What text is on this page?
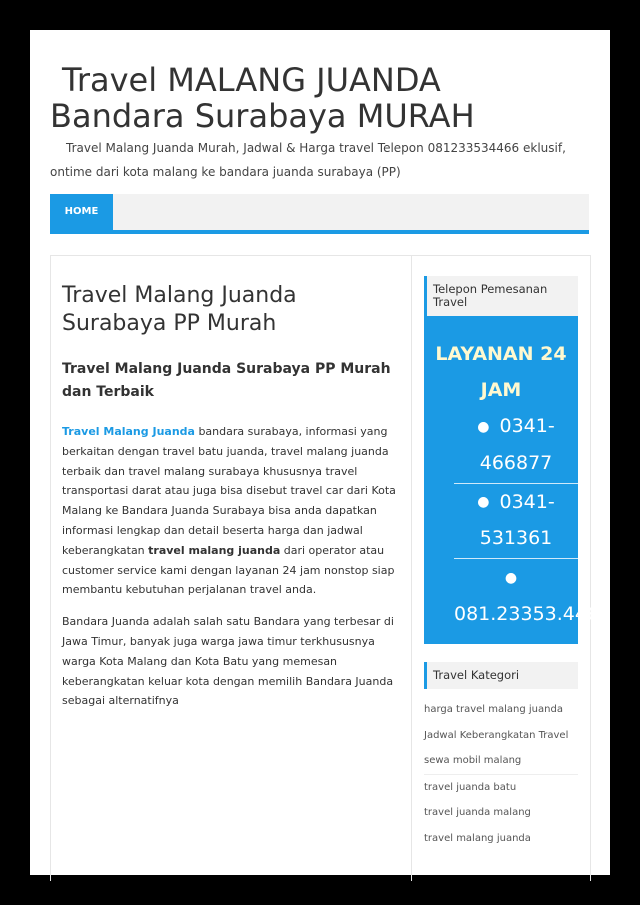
Travel MALANG JUANDA
Bandara Surabaya MURAH
Travel Malang Juanda Murah, Jadwal & Harga travel Telepon 081233534466 eklusif, ontime dari kota malang ke bandara juanda surabaya (PP)
HOME
Travel Malang Juanda Surabaya PP Murah
Travel Malang Juanda Surabaya PP Murah dan Terbaik

Travel Malang Juanda bandara surabaya, informasi yang berkaitan dengan travel batu juanda, travel malang juanda terbaik dan travel malang surabaya khususnya travel transportasi darat atau juga bisa disebut travel car dari Kota Malang ke Bandara Juanda Surabaya bisa anda dapatkan informasi lengkap dan detail beserta harga dan jadwal keberangkatan travel malang juanda dari operator atau customer service kami dengan layanan 24 jam nonstop siap membantu kebutuhan perjalanan travel anda.

Bandara Juanda adalah salah satu Bandara yang terbesar di Jawa Timur, banyak juga warga jawa timur terkhususnya warga Kota Malang dan Kota Batu yang memesan keberangkatan keluar kota dengan memilih Bandara Juanda sebagai alternatifnya

Telepon Pemesanan Travel
LAYANAN 24 JAM
● 0341-466877
● 0341-531361
●
081.23353.4466
Travel Kategori
harga travel malang juanda
Jadwal Keberangkatan Travel
sewa mobil malang
travel juanda batu
travel juanda malang
travel malang juanda
